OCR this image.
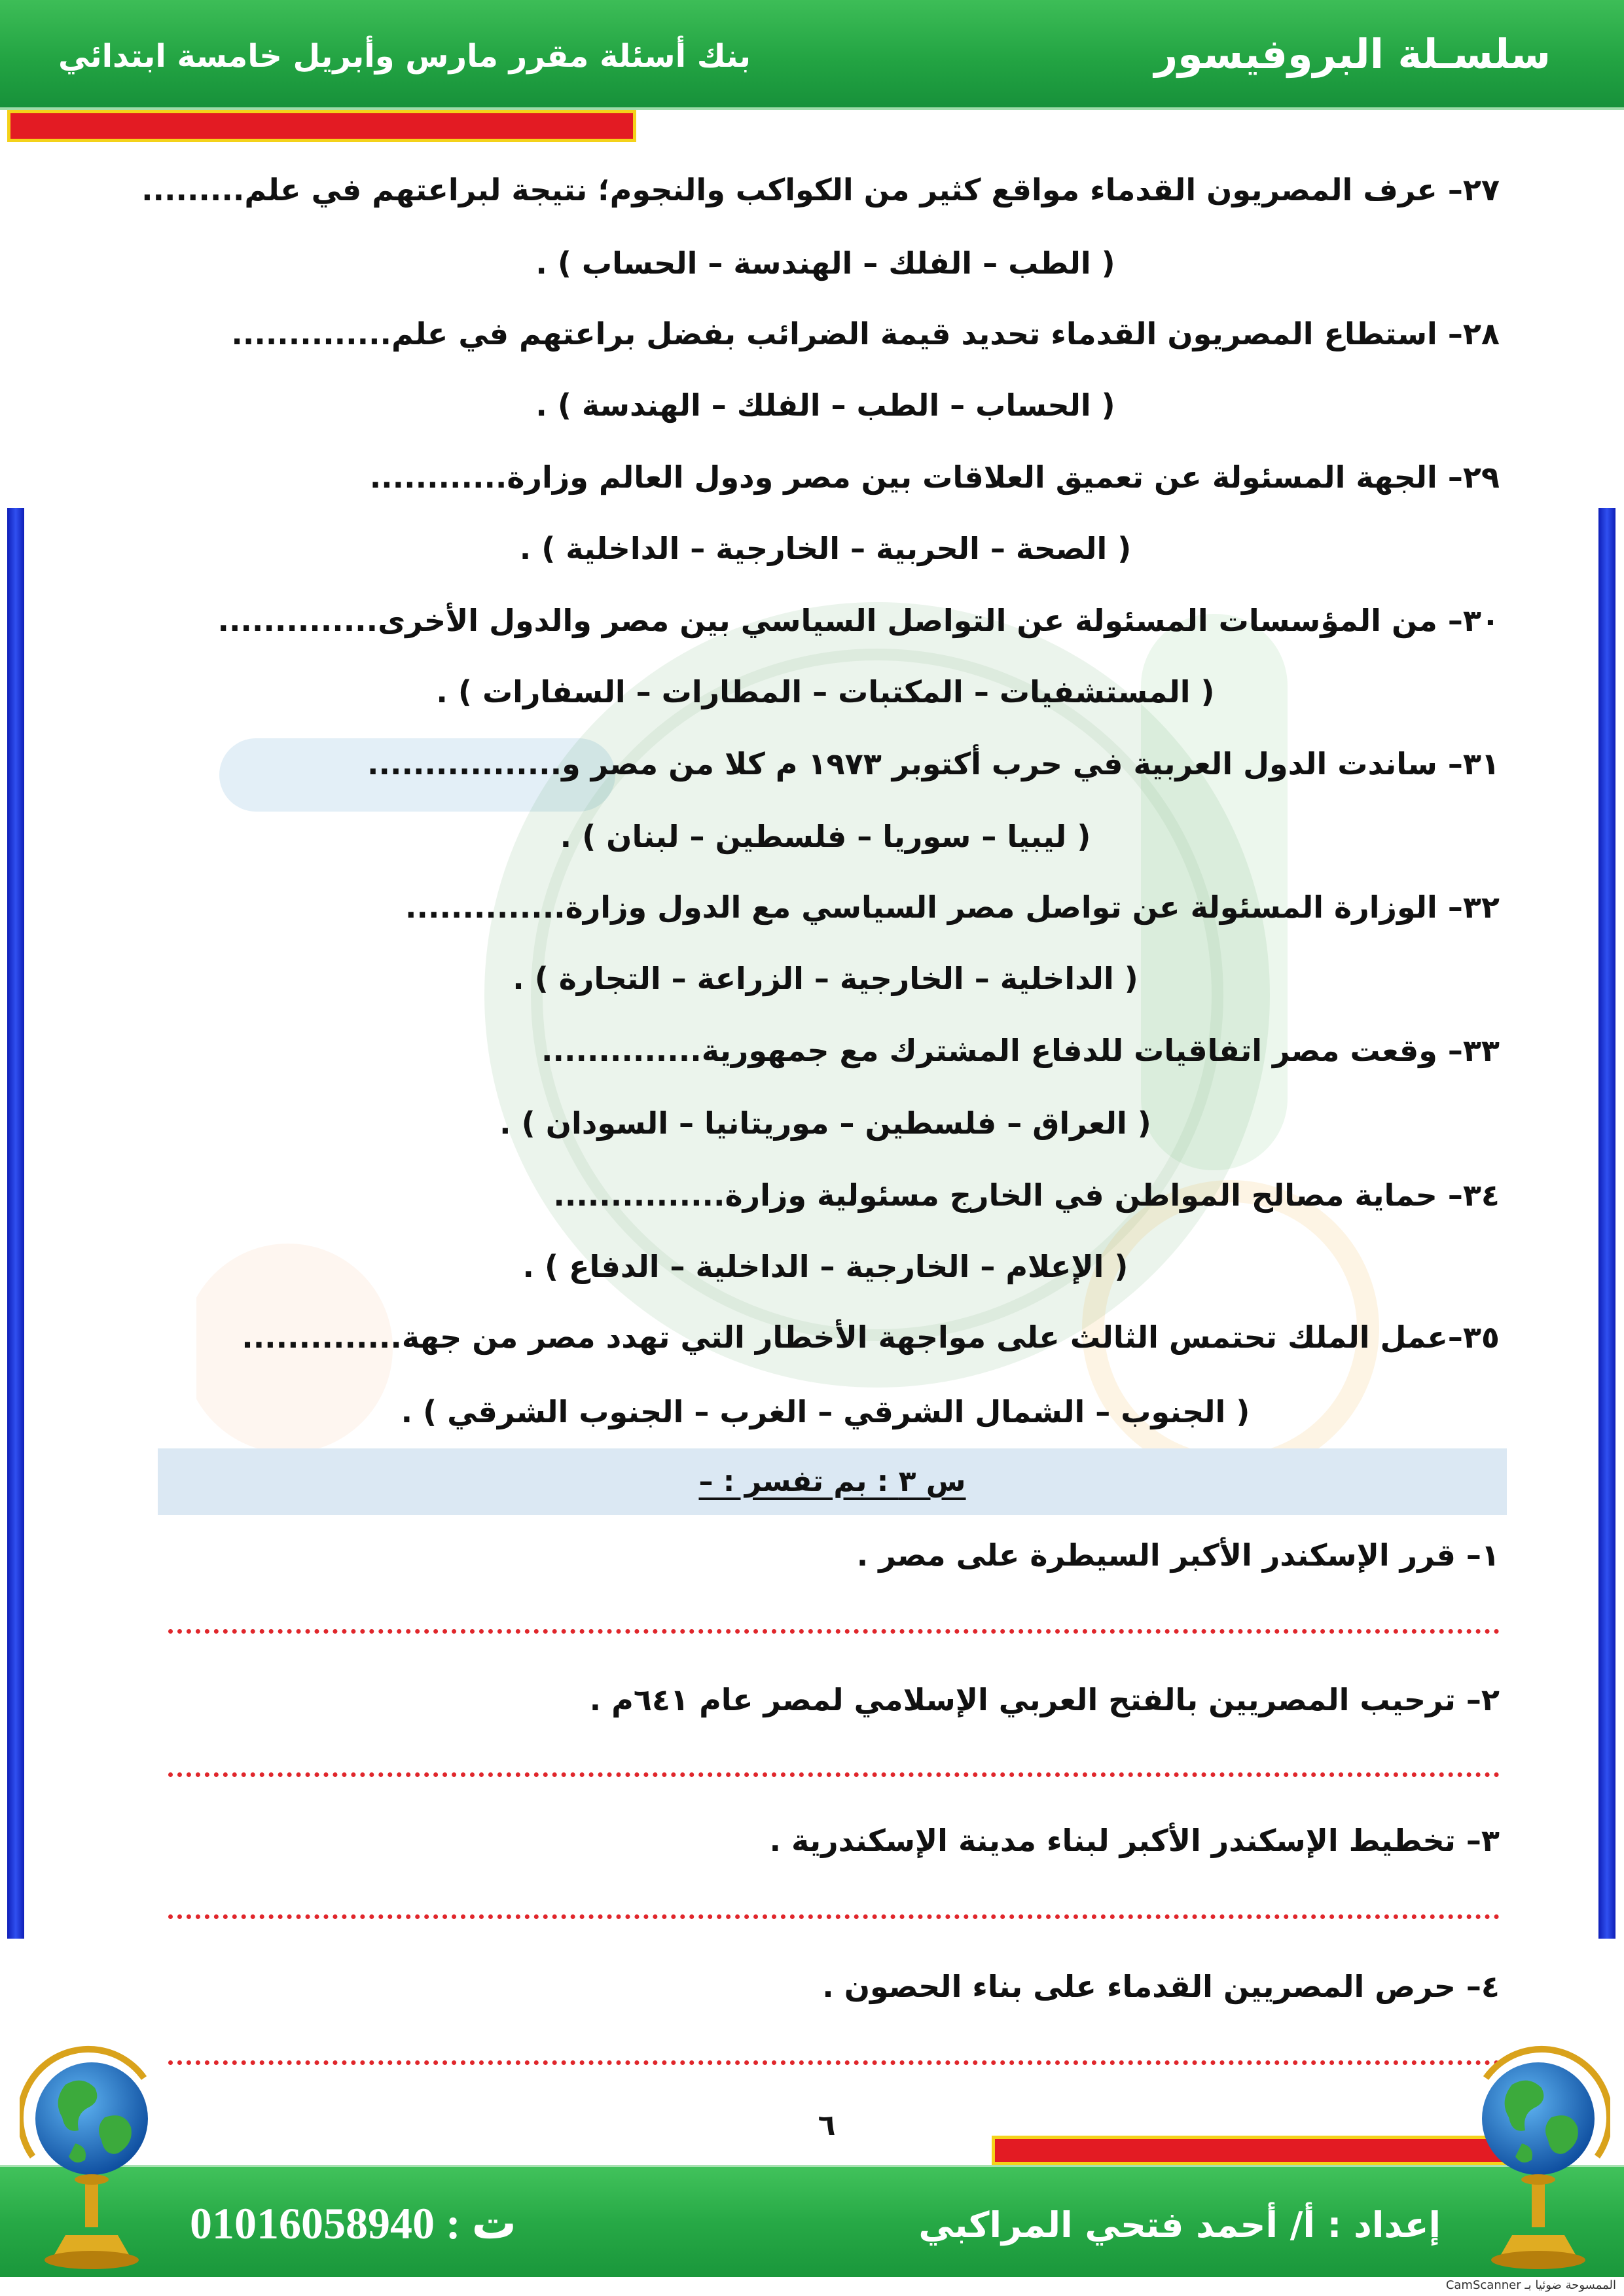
سلسـلة البروفيسور
بنك أسئلة مقرر مارس وأبريل خامسة ابتدائي
٢٧– عرف المصريون القدماء مواقع كثير من الكواكب والنجوم؛ نتيجة لبراعتهم في علم.........
( الطب – الفلك – الهندسة – الحساب ) .
٢٨– استطاع المصريون القدماء تحديد قيمة الضرائب بفضل براعتهم في علم..............
( الحساب – الطب – الفلك – الهندسة ) .
٢٩– الجهة المسئولة عن تعميق العلاقات بين مصر ودول العالم وزارة............
( الصحة – الحربية – الخارجية – الداخلية ) .
٣٠– من المؤسسات المسئولة عن التواصل السياسي بين مصر والدول الأخرى..............
( المستشفيات – المكتبات – المطارات – السفارات ) .
٣١– ساندت الدول العربية في حرب أكتوبر ١٩٧٣ م كلا من مصر و.................
( ليبيا – سوريا – فلسطين – لبنان ) .
٣٢– الوزارة المسئولة عن تواصل مصر السياسي مع الدول وزارة..............
( الداخلية – الخارجية – الزراعة – التجارة ) .
٣٣– وقعت مصر اتفاقيات للدفاع المشترك مع جمهورية..............
( العراق – فلسطين – موريتانيا – السودان ) .
٣٤– حماية مصالح المواطن في الخارج مسئولية وزارة...............
( الإعلام – الخارجية – الداخلية – الدفاع ) .
٣٥–عمل الملك تحتمس الثالث على مواجهة الأخطار التي تهدد مصر من جهة..............
( الجنوب – الشمال الشرقي – الغرب – الجنوب الشرقي ) .
س ٣ : بم تفسر : –
١– قرر الإسكندر الأكبر السيطرة على مصر .
٢– ترحيب المصريين بالفتح العربي الإسلامي لمصر عام ٦٤١م .
٣– تخطيط الإسكندر الأكبر لبناء مدينة الإسكندرية .
٤– حرص المصريين القدماء على بناء الحصون .
٦
ت : 01016058940	إعداد : أ/ أحمد فتحي المراكبي
الممسوحة ضوئيا بـ CamScanner
